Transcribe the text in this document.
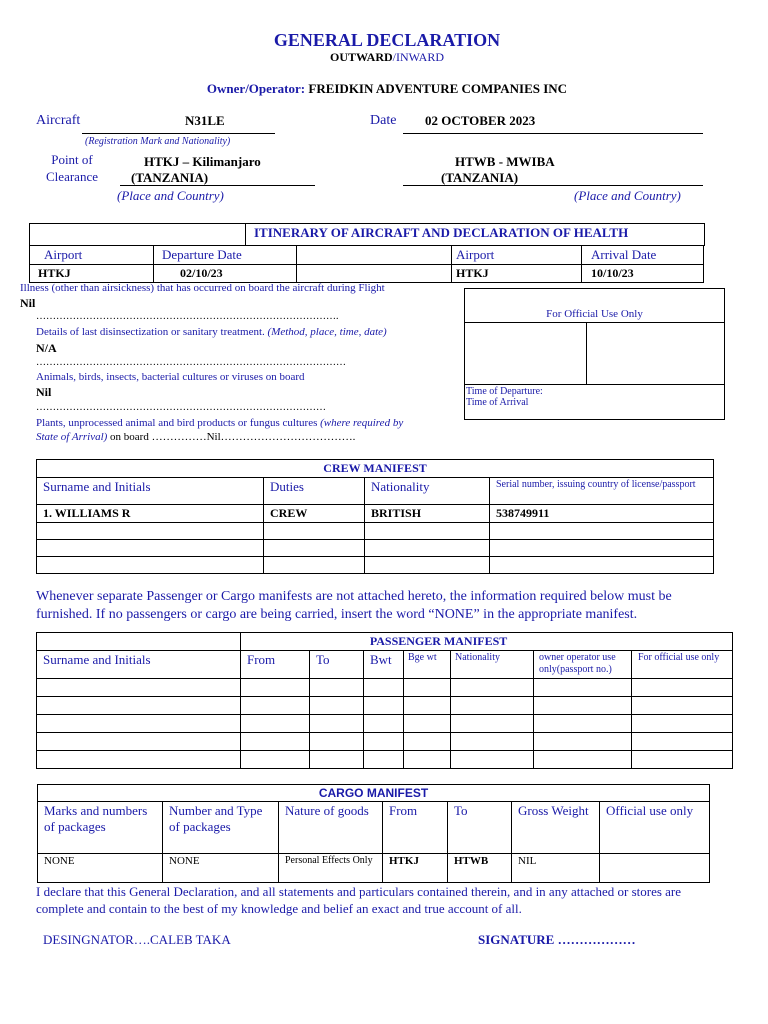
GENERAL DECLARATION
OUTWARD/INWARD
Owner/Operator: FREIDKIN ADVENTURE COMPANIES INC
Aircraft	N31LE
(Registration Mark and Nationality)
Date 02 OCTOBER 2023
Point of
Clearance
HTKJ – Kilimanjaro
(TANZANIA)
HTWB - MWIBA
(TANZANIA)
(Place and Country)	(Place and Country)
ITINERARY OF AIRCRAFT AND DECLARATION OF HEALTH
Airport	Departure Date		Airport	Arrival Date
HTKJ	02/10/23		HTKJ	10/10/23
Illness (other than airsickness) that has occurred on board the aircraft during Flight
Nil
……………………………………………………………………………….
Details of last disinsectization or sanitary treatment. (Method, place, time, date)
N/A
…………………………………………………………………………………
Animals, birds, insects, bacterial cultures or viruses on board
Nil
……………………………………………………………………………
Plants, unprocessed animal and bird products or fungus cultures (where required by
State of Arrival) on board ……………Nil……………………………….
For Official Use Only
Time of Departure:
Time of Arrival
CREW MANIFEST			
Surname and Initials	Duties	Nationality	Serial number, issuing country of license/passport
1. WILLIAMS R	CREW	BRITISH	538749911

Whenever separate Passenger or Cargo manifests are not attached hereto, the information required below must be furnished. If no passengers or cargo are being carried, insert the word “NONE” in the appropriate manifest.
	PASSENGER MANIFEST						
Surname and Initials	From	To	Bwt	Bge wt	Nationality	owner operator use only(passport no.)	For official use only

CARGO MANIFEST						
Marks and numbers of packages	Number and Type of packages	Nature of goods	From	To	Gross Weight	Official use only
NONE	NONE	Personal Effects Only	HTKJ	HTWB	NIL	
I declare that this General Declaration, and all statements and particulars contained therein, and in any attached or stores are complete and contain to the best of my knowledge and belief an exact and true account of all.
DESINGNATOR….CALEB TAKA	SIGNATURE ………………
